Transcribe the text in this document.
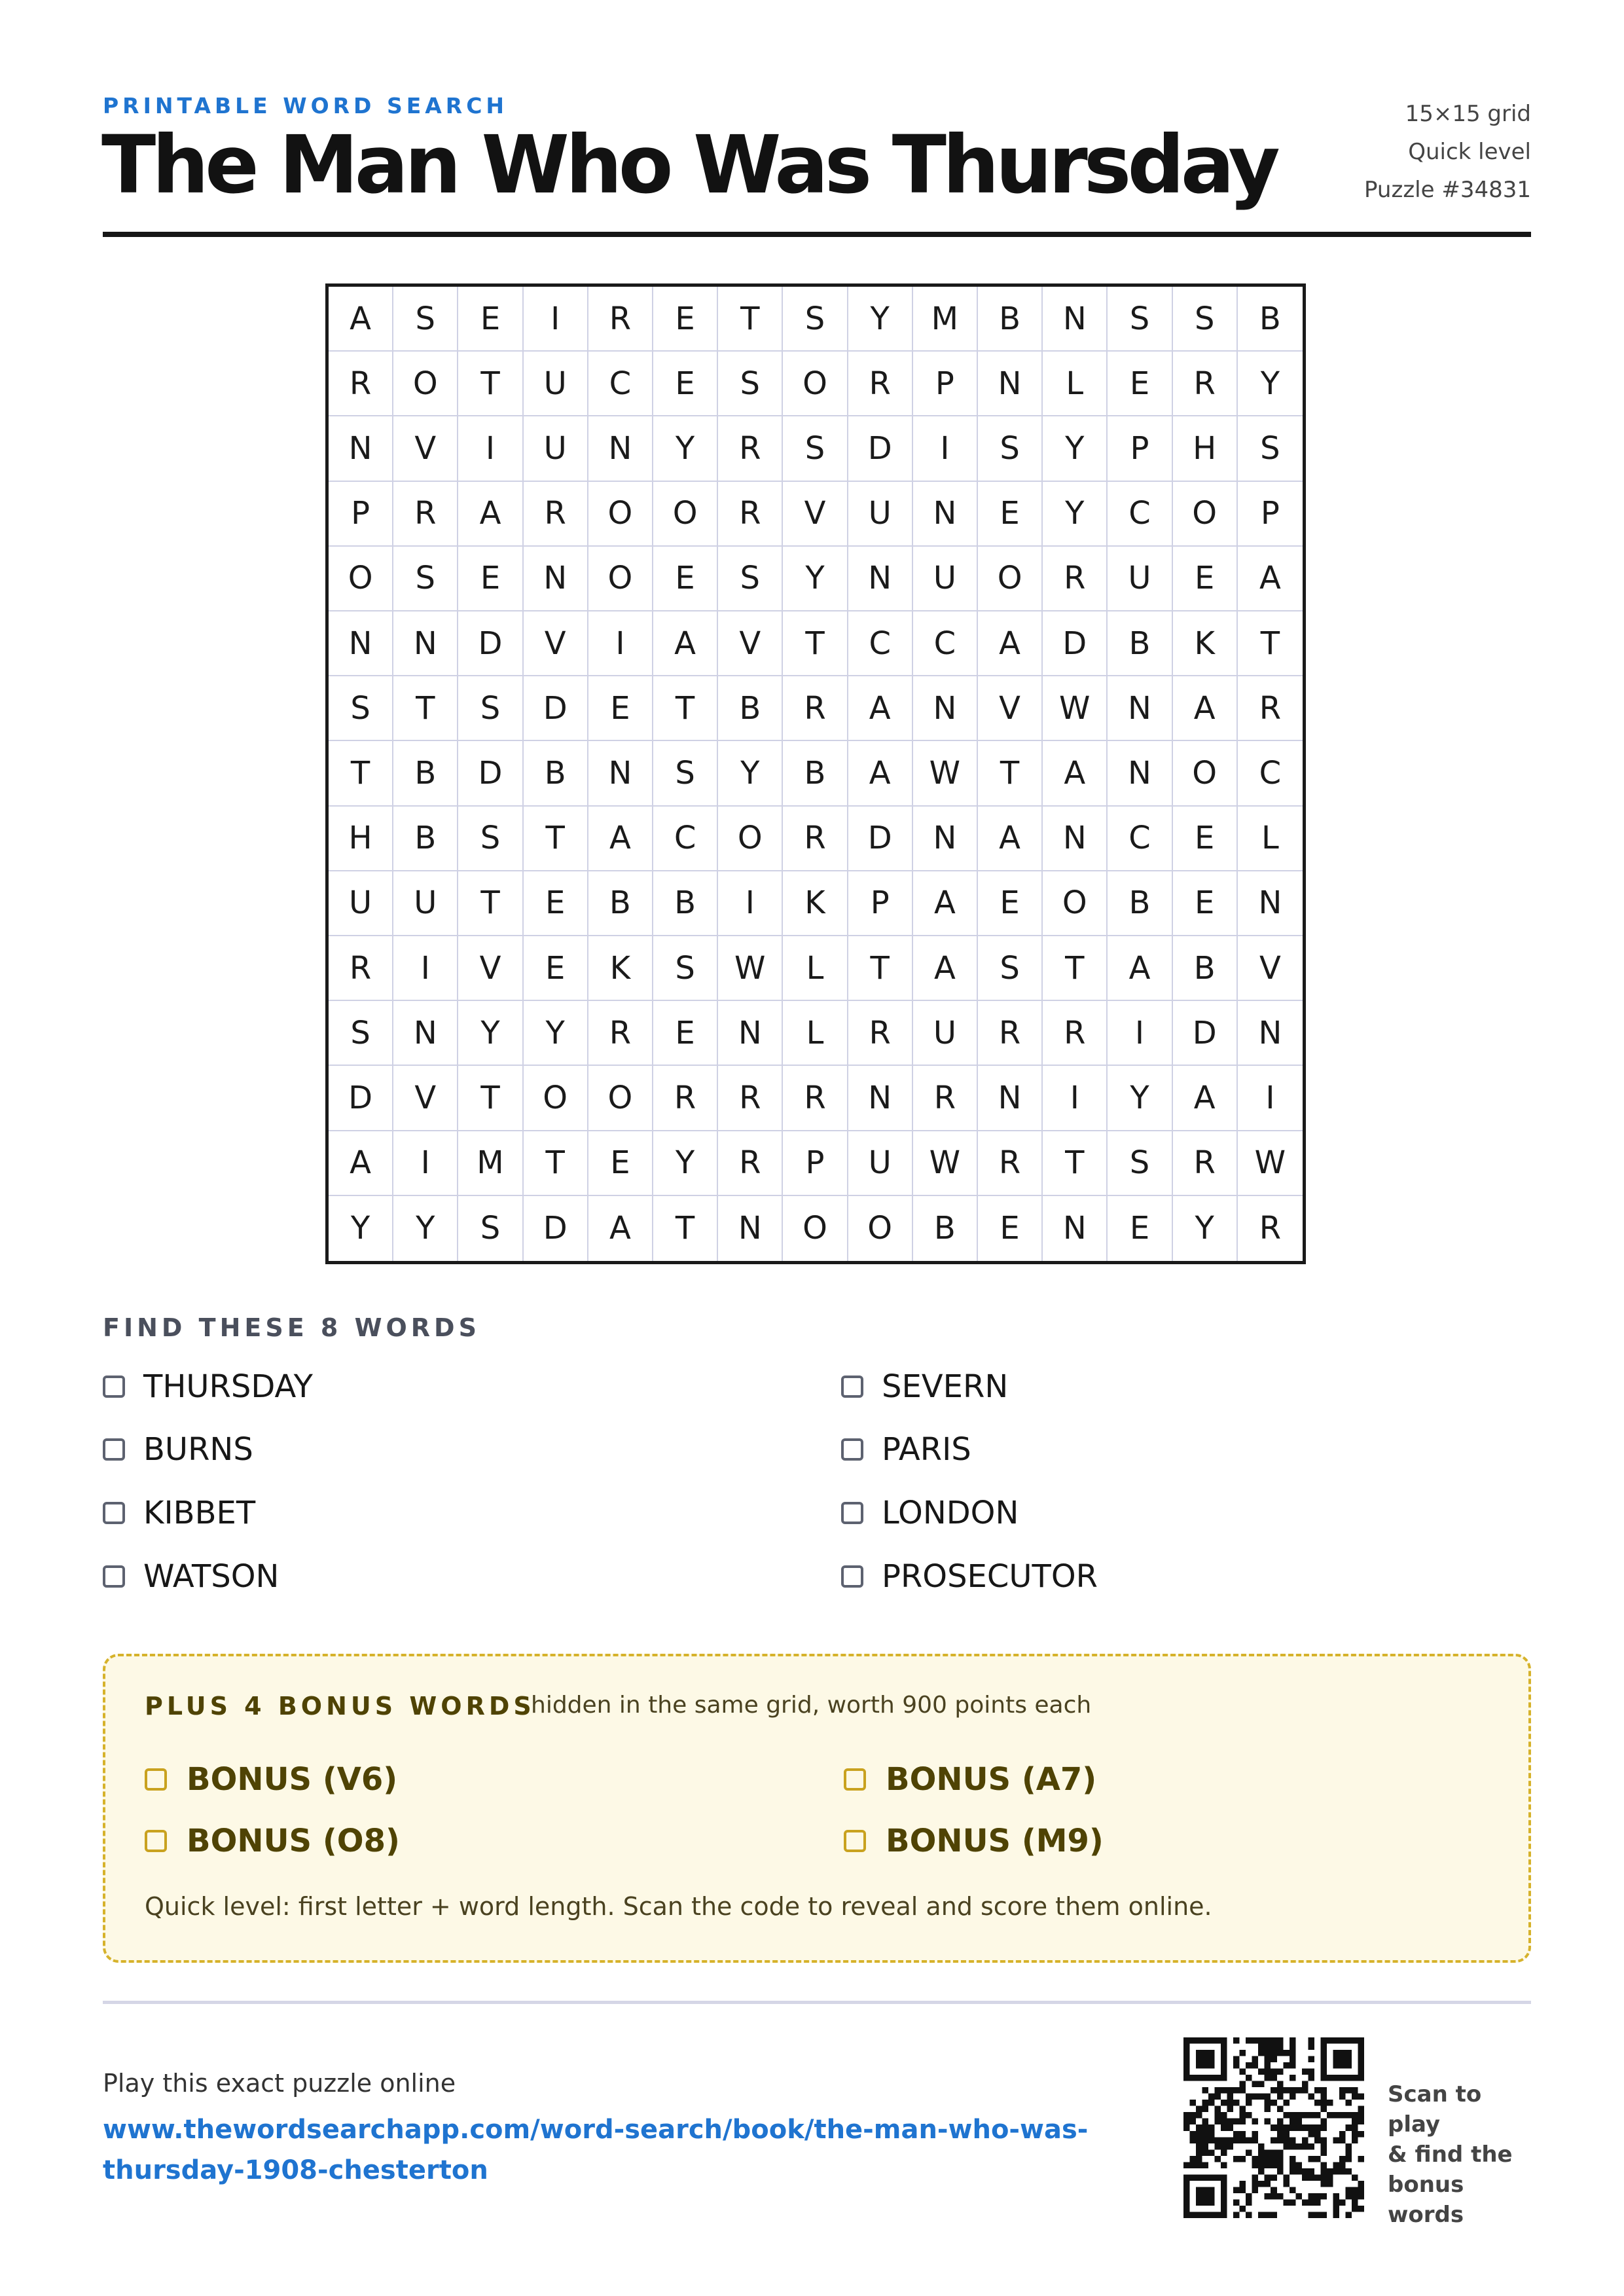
PRINTABLE WORD SEARCH
The Man Who Was Thursday
15×15 grid
Quick level
Puzzle #34831
A	S	E	I	R	E	T	S	Y	M	B	N	S	S	B
R	O	T	U	C	E	S	O	R	P	N	L	E	R	Y
N	V	I	U	N	Y	R	S	D	I	S	Y	P	H	S
P	R	A	R	O	O	R	V	U	N	E	Y	C	O	P
O	S	E	N	O	E	S	Y	N	U	O	R	U	E	A
N	N	D	V	I	A	V	T	C	C	A	D	B	K	T
S	T	S	D	E	T	B	R	A	N	V	W	N	A	R
T	B	D	B	N	S	Y	B	A	W	T	A	N	O	C
H	B	S	T	A	C	O	R	D	N	A	N	C	E	L
U	U	T	E	B	B	I	K	P	A	E	O	B	E	N
R	I	V	E	K	S	W	L	T	A	S	T	A	B	V
S	N	Y	Y	R	E	N	L	R	U	R	R	I	D	N
D	V	T	O	O	R	R	R	N	R	N	I	Y	A	I
A	I	M	T	E	Y	R	P	U	W	R	T	S	R	W
Y	Y	S	D	A	T	N	O	O	B	E	N	E	Y	R
FIND THESE 8 WORDS
THURSDAY
BURNS
KIBBET
WATSON
SEVERN
PARIS
LONDON
PROSECUTOR
PLUS 4 BONUS WORDS
hidden in the same grid, worth 900 points each
BONUS (V6)	BONUS (A7)
BONUS (O8)	BONUS (M9)
Quick level: first letter + word length. Scan the code to reveal and score them online.
Play this exact puzzle online
www.thewordsearchapp.com/word-search/book/the-man-who-was-thursday-1908-chesterton
Scan to play
& find the
bonus words
